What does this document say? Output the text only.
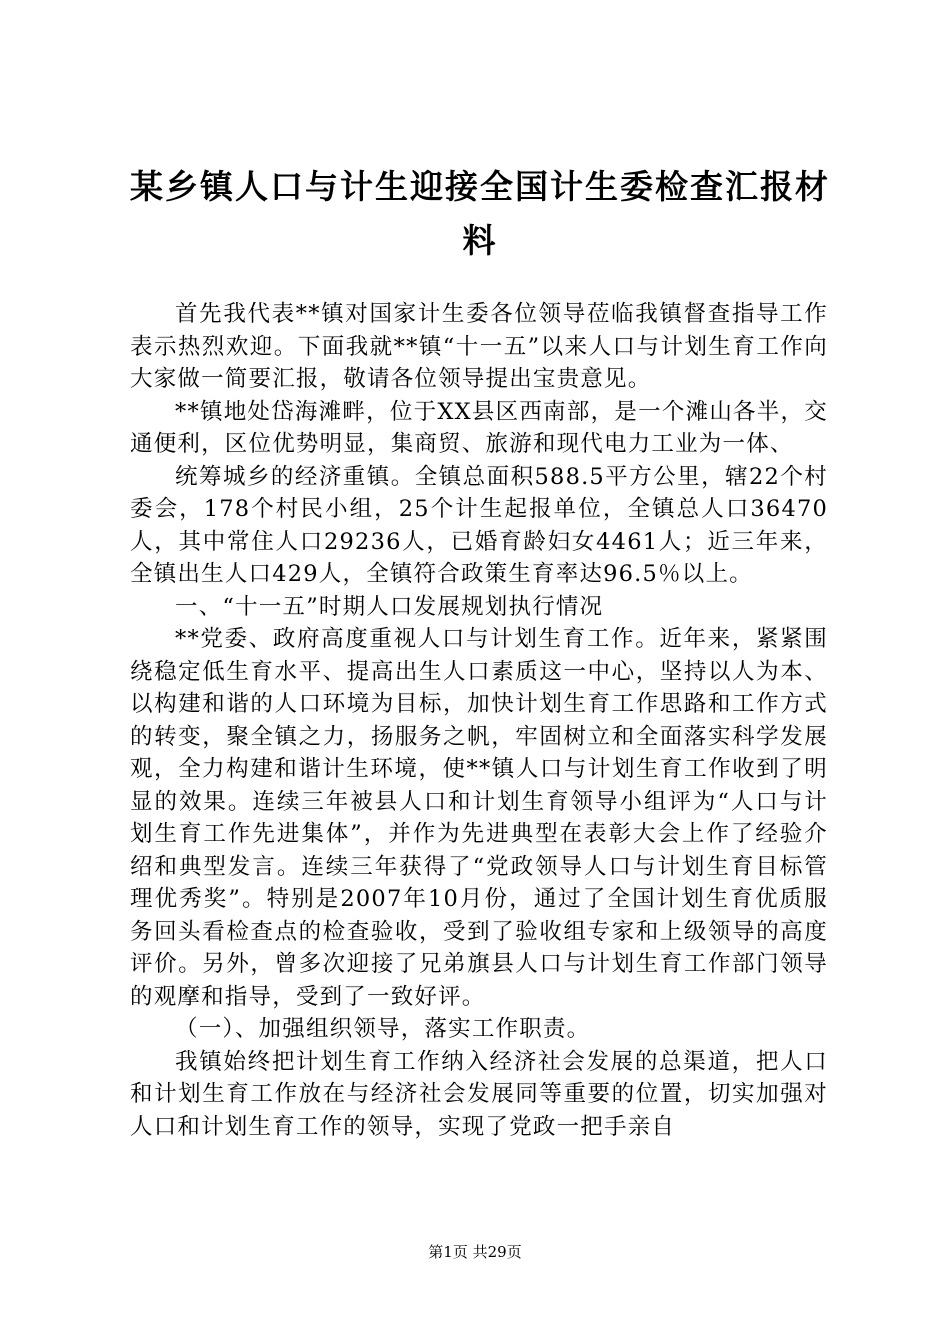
某乡镇人口与计生迎接全国计生委检查汇报材料

首先我代表**镇对国家计生委各位领导莅临我镇督查指导工作表示热烈欢迎。下面我就**镇“十一五”以来人口与计划生育工作向大家做一简要汇报，敬请各位领导提出宝贵意见。

**镇地处岱海滩畔，位于XX县区西南部，是一个滩山各半，交通便利，区位优势明显，集商贸、旅游和现代电力工业为一体、

统筹城乡的经济重镇。全镇总面积588.5平方公里，辖22个村委会，178个村民小组，25个计生起报单位，全镇总人口36470人，其中常住人口29236人，已婚育龄妇女4461人；近三年来，全镇出生人口429人，全镇符合政策生育率达96.5％以上。

一、“十一五”时期人口发展规划执行情况

**党委、政府高度重视人口与计划生育工作。近年来，紧紧围绕稳定低生育水平、提高出生人口素质这一中心，坚持以人为本、以构建和谐的人口环境为目标，加快计划生育工作思路和工作方式的转变，聚全镇之力，扬服务之帆，牢固树立和全面落实科学发展观，全力构建和谐计生环境，使**镇人口与计划生育工作收到了明显的效果。连续三年被县人口和计划生育领导小组评为“人口与计划生育工作先进集体”，并作为先进典型在表彰大会上作了经验介绍和典型发言。连续三年获得了“党政领导人口与计划生育目标管理优秀奖”。特别是2007年10月份，通过了全国计划生育优质服务回头看检查点的检查验收，受到了验收组专家和上级领导的高度评价。另外，曾多次迎接了兄弟旗县人口与计划生育工作部门领导的观摩和指导，受到了一致好评。

（一）、加强组织领导，落实工作职责。

我镇始终把计划生育工作纳入经济社会发展的总渠道，把人口和计划生育工作放在与经济社会发展同等重要的位置，切实加强对人口和计划生育工作的领导，实现了党政一把手亲自

第1页 共29页
